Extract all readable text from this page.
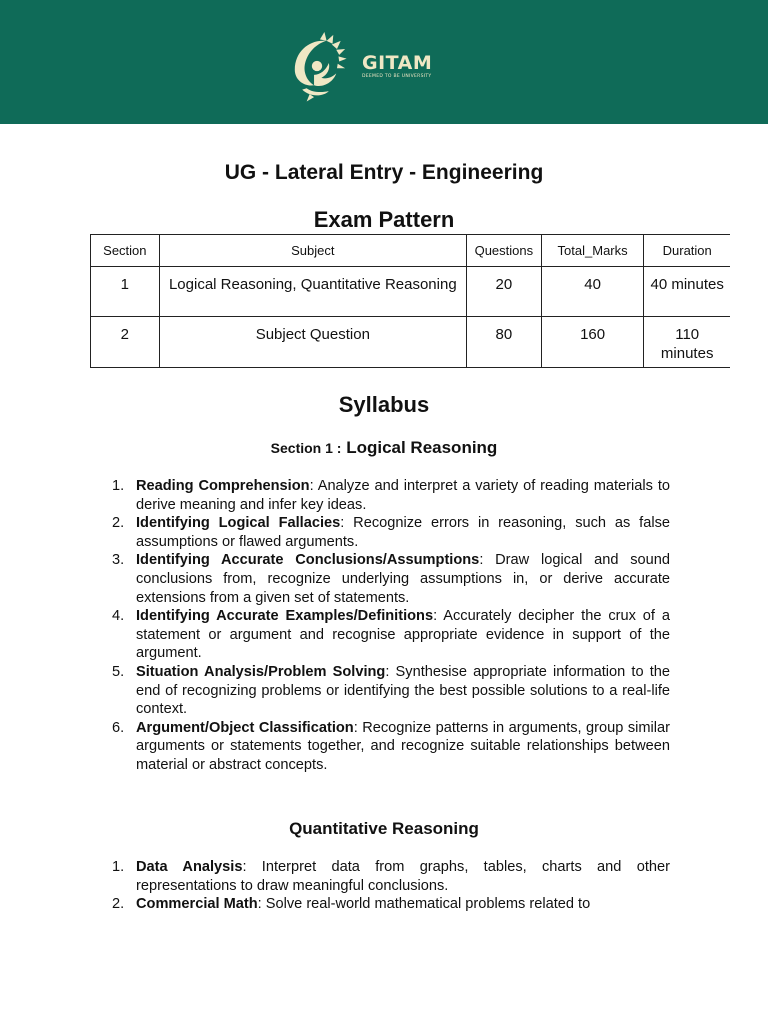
GITAM
DEEMED TO BE UNIVERSITY
UG - Lateral Entry - Engineering
Exam Pattern
Section	Subject	Questions	Total_Marks	Duration
1	Logical Reasoning, Quantitative Reasoning	20	40	40 minutes
2	Subject Question	80	160	110 minutes
Syllabus
Section 1 : Logical Reasoning
1. Reading Comprehension: Analyze and interpret a variety of reading materials to derive meaning and infer key ideas.
2. Identifying Logical Fallacies: Recognize errors in reasoning, such as false assumptions or flawed arguments.
3. Identifying Accurate Conclusions/Assumptions: Draw logical and sound conclusions from, recognize underlying assumptions in, or derive accurate extensions from a given set of statements.
4. Identifying Accurate Examples/Definitions: Accurately decipher the crux of a statement or argument and recognise appropriate evidence in support of the argument.
5. Situation Analysis/Problem Solving: Synthesise appropriate information to the end of recognizing problems or identifying the best possible solutions to a real-life context.
6. Argument/Object Classification: Recognize patterns in arguments, group similar arguments or statements together, and recognize suitable relationships between material or abstract concepts.
Quantitative Reasoning
1. Data Analysis: Interpret data from graphs, tables, charts and other representations to draw meaningful conclusions.
2. Commercial Math: Solve real-world mathematical problems related to
